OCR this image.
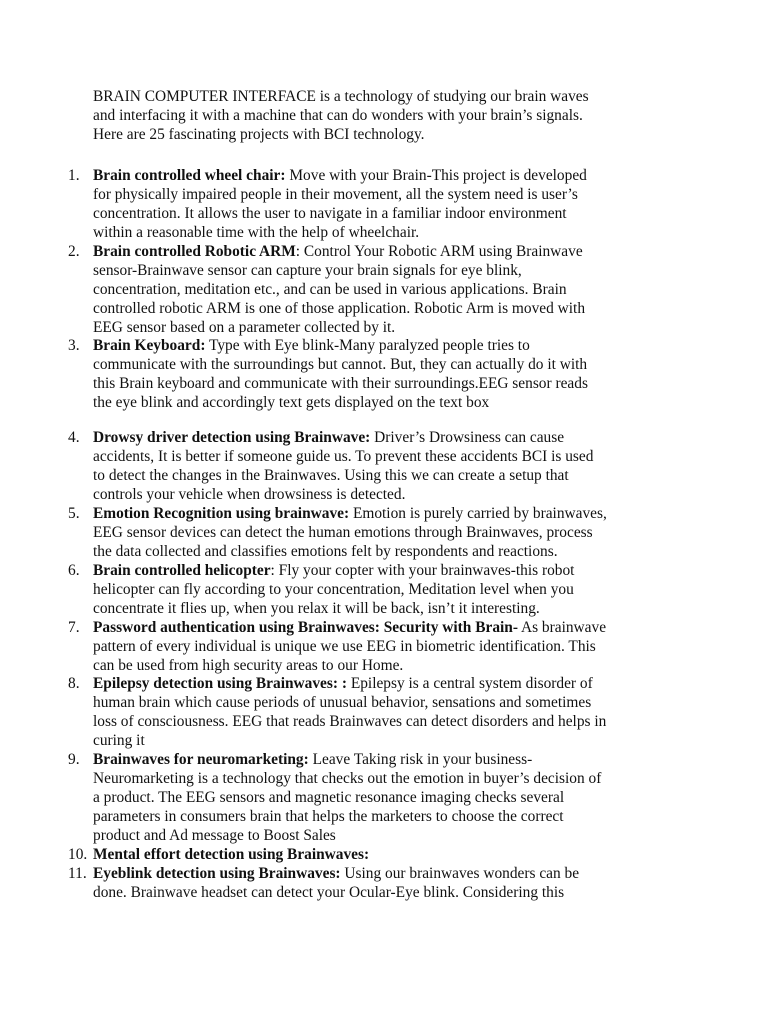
BRAIN COMPUTER INTERFACE is a technology of studying our brain waves
and interfacing it with a machine that can do wonders with your brain’s signals.
Here are 25 fascinating projects with BCI technology.

1. Brain controlled wheel chair: Move with your Brain-This project is developed
for physically impaired people in their movement, all the system need is user’s
concentration. It allows the user to navigate in a familiar indoor environment
within a reasonable time with the help of wheelchair.
2. Brain controlled Robotic ARM: Control Your Robotic ARM using Brainwave
sensor-Brainwave sensor can capture your brain signals for eye blink,
concentration, meditation etc., and can be used in various applications. Brain
controlled robotic ARM is one of those application. Robotic Arm is moved with
EEG sensor based on a parameter collected by it.
3. Brain Keyboard: Type with Eye blink-Many paralyzed people tries to
communicate with the surroundings but cannot. But, they can actually do it with
this Brain keyboard and communicate with their surroundings.EEG sensor reads
the eye blink and accordingly text gets displayed on the text box
4. Drowsy driver detection using Brainwave: Driver’s Drowsiness can cause
accidents, It is better if someone guide us. To prevent these accidents BCI is used
to detect the changes in the Brainwaves. Using this we can create a setup that
controls your vehicle when drowsiness is detected.
5. Emotion Recognition using brainwave: Emotion is purely carried by brainwaves,
EEG sensor devices can detect the human emotions through Brainwaves, process
the data collected and classifies emotions felt by respondents and reactions.
6. Brain controlled helicopter: Fly your copter with your brainwaves-this robot
helicopter can fly according to your concentration, Meditation level when you
concentrate it flies up, when you relax it will be back, isn’t it interesting.
7. Password authentication using Brainwaves: Security with Brain- As brainwave
pattern of every individual is unique we use EEG in biometric identification. This
can be used from high security areas to our Home.
8. Epilepsy detection using Brainwaves: : Epilepsy is a central system disorder of
human brain which cause periods of unusual behavior, sensations and sometimes
loss of consciousness. EEG that reads Brainwaves can detect disorders and helps in
curing it
9. Brainwaves for neuromarketing: Leave Taking risk in your business-
Neuromarketing is a technology that checks out the emotion in buyer’s decision of
a product. The EEG sensors and magnetic resonance imaging checks several
parameters in consumers brain that helps the marketers to choose the correct
product and Ad message to Boost Sales
10. Mental effort detection using Brainwaves:
11. Eyeblink detection using Brainwaves: Using our brainwaves wonders can be
done. Brainwave headset can detect your Ocular-Eye blink. Considering this
